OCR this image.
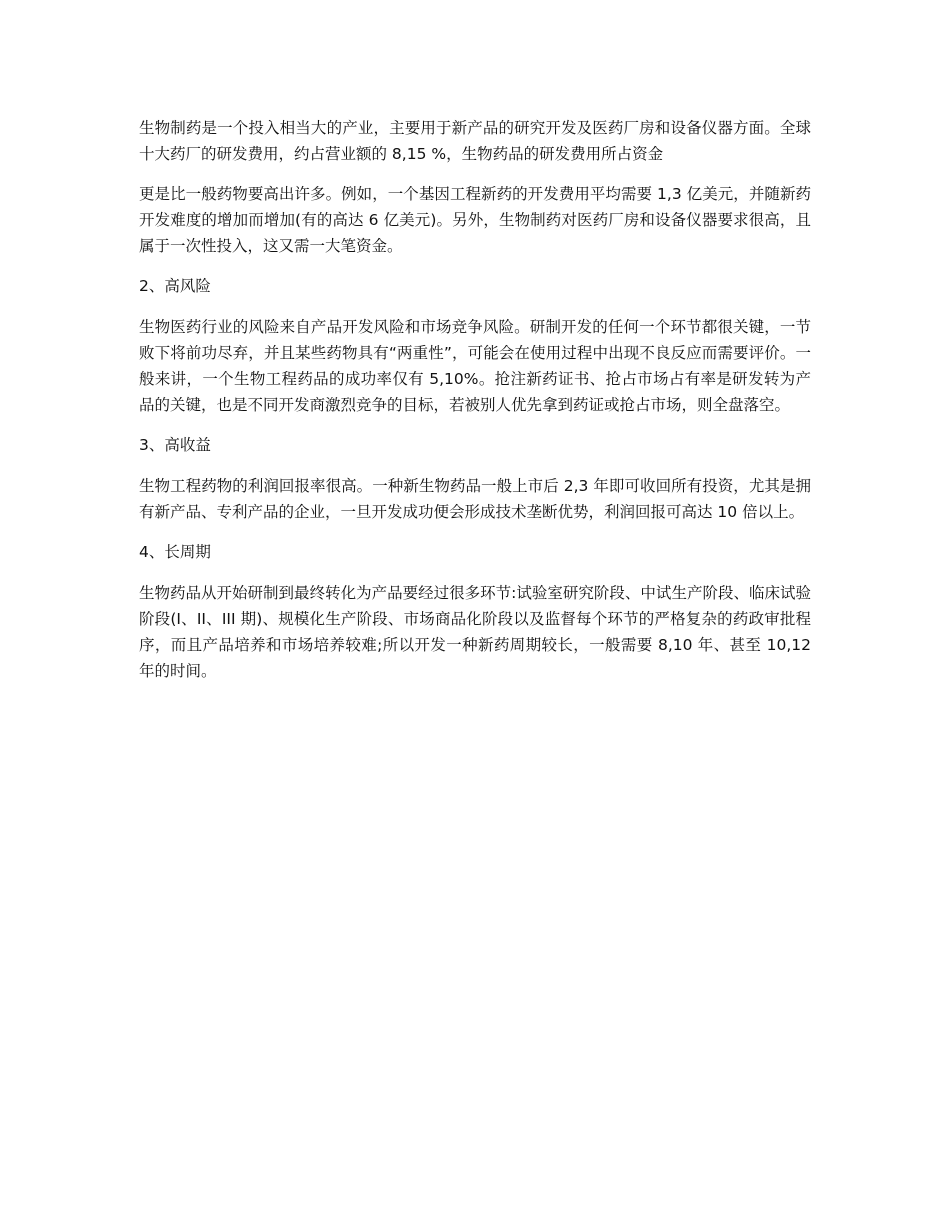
生物制药是一个投入相当大的产业，主要用于新产品的研究开发及医药厂房和设备仪器方面。全球十大药厂的研发费用，约占营业额的 8,15 %，生物药品的研发费用所占资金

更是比一般药物要高出许多。例如，一个基因工程新药的开发费用平均需要 1,3 亿美元，并随新药开发难度的增加而增加(有的高达 6 亿美元)。另外，生物制药对医药厂房和设备仪器要求很高，且属于一次性投入，这又需一大笔资金。

2、高风险

生物医药行业的风险来自产品开发风险和市场竞争风险。研制开发的任何一个环节都很关键，一节败下将前功尽弃，并且某些药物具有“两重性”，可能会在使用过程中出现不良反应而需要评价。一般来讲，一个生物工程药品的成功率仅有 5,10%。抢注新药证书、抢占市场占有率是研发转为产品的关键，也是不同开发商激烈竞争的目标，若被别人优先拿到药证或抢占市场，则全盘落空。

3、高收益

生物工程药物的利润回报率很高。一种新生物药品一般上市后 2,3 年即可收回所有投资，尤其是拥有新产品、专利产品的企业，一旦开发成功便会形成技术垄断优势，利润回报可高达 10 倍以上。

4、长周期

生物药品从开始研制到最终转化为产品要经过很多环节:试验室研究阶段、中试生产阶段、临床试验阶段(I、II、III 期)、规模化生产阶段、市场商品化阶段以及监督每个环节的严格复杂的药政审批程序，而且产品培养和市场培养较难;所以开发一种新药周期较长，一般需要 8,10 年、甚至 10,12 年的时间。
